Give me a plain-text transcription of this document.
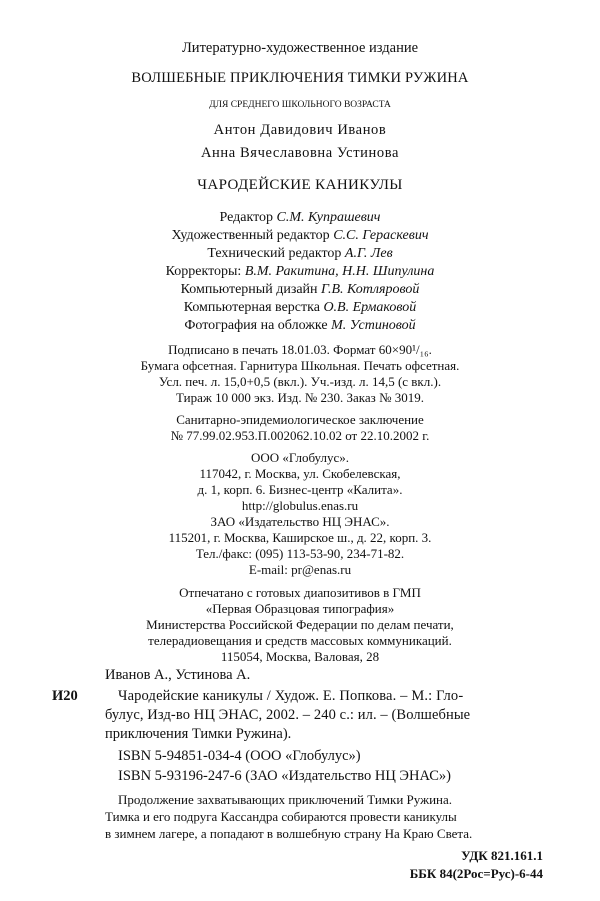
Литературно-художественное издание
ВОЛШЕБНЫЕ ПРИКЛЮЧЕНИЯ ТИМКИ РУЖИНА
ДЛЯ СРЕДНЕГО ШКОЛЬНОГО ВОЗРАСТА
Антон Давидович Иванов
Анна Вячеславовна Устинова
ЧАРОДЕЙСКИЕ КАНИКУЛЫ
Редактор С.М. Купрашевич
Художественный редактор С.С. Гераскевич
Технический редактор А.Г. Лев
Корректоры: В.М. Ракитина, Н.Н. Шипулина
Компьютерный дизайн Г.В. Котляровой
Компьютерная верстка О.В. Ермаковой
Фотография на обложке М. Устиновой
Подписано в печать 18.01.03. Формат 60×90¹/₁₆.
Бумага офсетная. Гарнитура Школьная. Печать офсетная.
Усл. печ. л. 15,0+0,5 (вкл.). Уч.-изд. л. 14,5 (с вкл.).
Тираж 10 000 экз. Изд. № 230. Заказ № 3019.
Санитарно-эпидемиологическое заключение
№ 77.99.02.953.П.002062.10.02 от 22.10.2002 г.
ООО «Глобулус».
117042, г. Москва, ул. Скобелевская,
д. 1, корп. 6. Бизнес-центр «Калита».
http://globulus.enas.ru
ЗАО «Издательство НЦ ЭНАС».
115201, г. Москва, Каширское ш., д. 22, корп. 3.
Тел./факс: (095) 113-53-90, 234-71-82.
E-mail: pr@enas.ru
Отпечатано с готовых диапозитивов в ГМП
«Первая Образцовая типография»
Министерства Российской Федерации по делам печати,
телерадиовещания и средств массовых коммуникаций.
115054, Москва, Валовая, 28
Иванов А., Устинова А.
И20	Чародейские каникулы / Худож. Е. Попкова. – М.: Гло-
булус, Изд-во НЦ ЭНАС, 2002. – 240 с.: ил. – (Волшебные
приключения Тимки Ружина).
ISBN 5-94851-034-4 (ООО «Глобулус»)
ISBN 5-93196-247-6 (ЗАО «Издательство НЦ ЭНАС»)
Продолжение захватывающих приключений Тимки Ружина.
Тимка и его подруга Кассандра собираются провести каникулы
в зимнем лагере, а попадают в волшебную страну На Краю Света.
УДК 821.161.1
ББК 84(2Рос=Рус)-6-44
